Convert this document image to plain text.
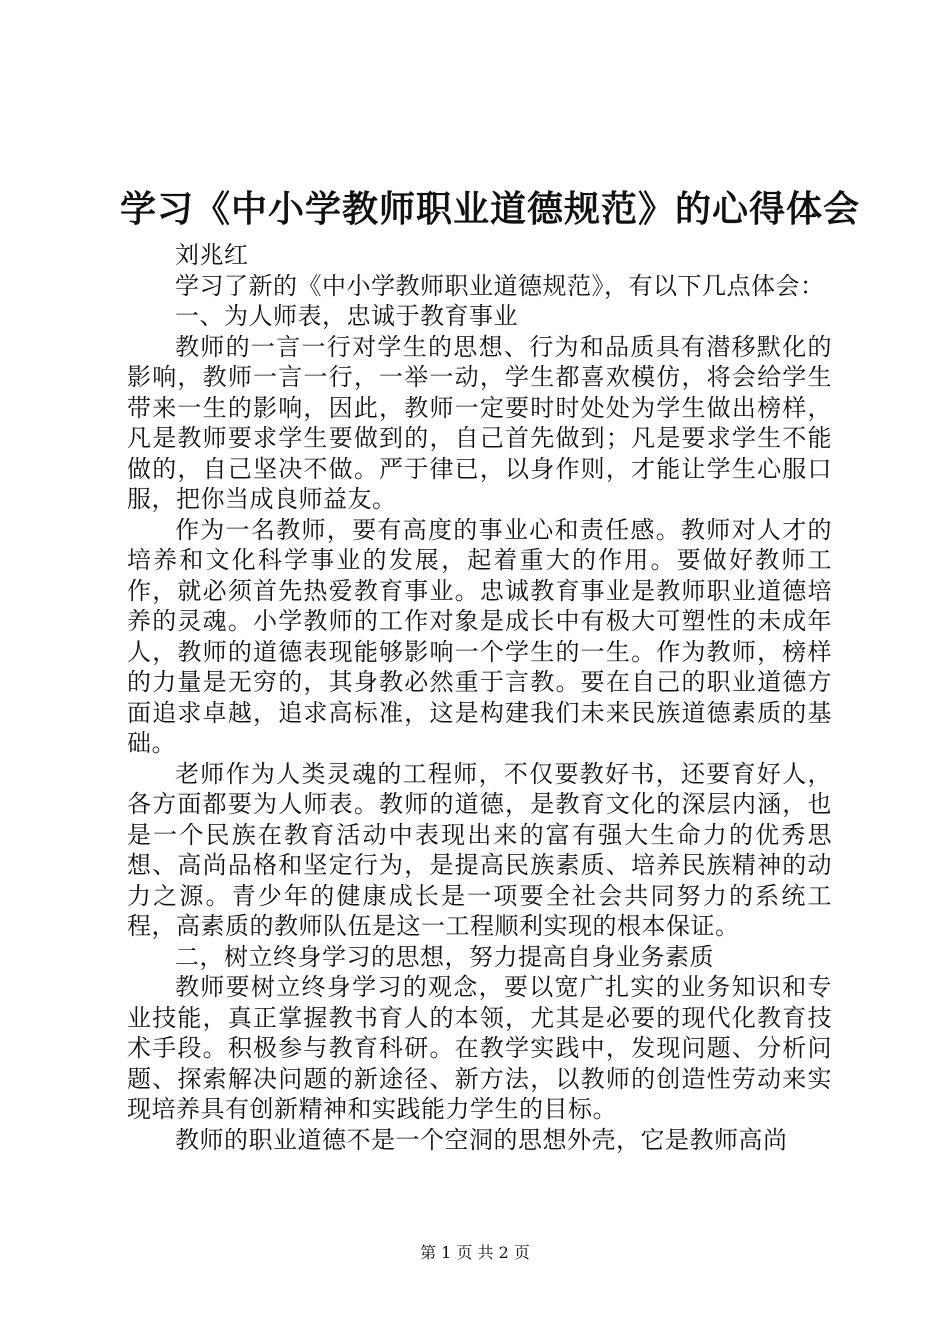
学习《中小学教师职业道德规范》的心得体会

刘兆红

学习了新的《中小学教师职业道德规范》，有以下几点体会：

一、为人师表，忠诚于教育事业

教师的一言一行对学生的思想、行为和品质具有潜移默化的影响，教师一言一行，一举一动，学生都喜欢模仿，将会给学生带来一生的影响，因此，教师一定要时时处处为学生做出榜样，凡是教师要求学生要做到的，自己首先做到；凡是要求学生不能做的，自己坚决不做。严于律已，以身作则，才能让学生心服口服，把你当成良师益友。

作为一名教师，要有高度的事业心和责任感。教师对人才的培养和文化科学事业的发展，起着重大的作用。要做好教师工作，就必须首先热爱教育事业。忠诚教育事业是教师职业道德培养的灵魂。小学教师的工作对象是成长中有极大可塑性的未成年人，教师的道德表现能够影响一个学生的一生。作为教师，榜样的力量是无穷的，其身教必然重于言教。要在自己的职业道德方面追求卓越，追求高标准，这是构建我们未来民族道德素质的基础。

老师作为人类灵魂的工程师，不仅要教好书，还要育好人，各方面都要为人师表。教师的道德，是教育文化的深层内涵，也是一个民族在教育活动中表现出来的富有强大生命力的优秀思想、高尚品格和坚定行为，是提高民族素质、培养民族精神的动力之源。青少年的健康成长是一项要全社会共同努力的系统工程，高素质的教师队伍是这一工程顺利实现的根本保证。

二，树立终身学习的思想，努力提高自身业务素质

教师要树立终身学习的观念，要以宽广扎实的业务知识和专业技能，真正掌握教书育人的本领，尤其是必要的现代化教育技术手段。积极参与教育科研。在教学实践中，发现问题、分析问题、探索解决问题的新途径、新方法，以教师的创造性劳动来实现培养具有创新精神和实践能力学生的目标。

教师的职业道德不是一个空洞的思想外壳，它是教师高尚

第 1 页 共 2 页
